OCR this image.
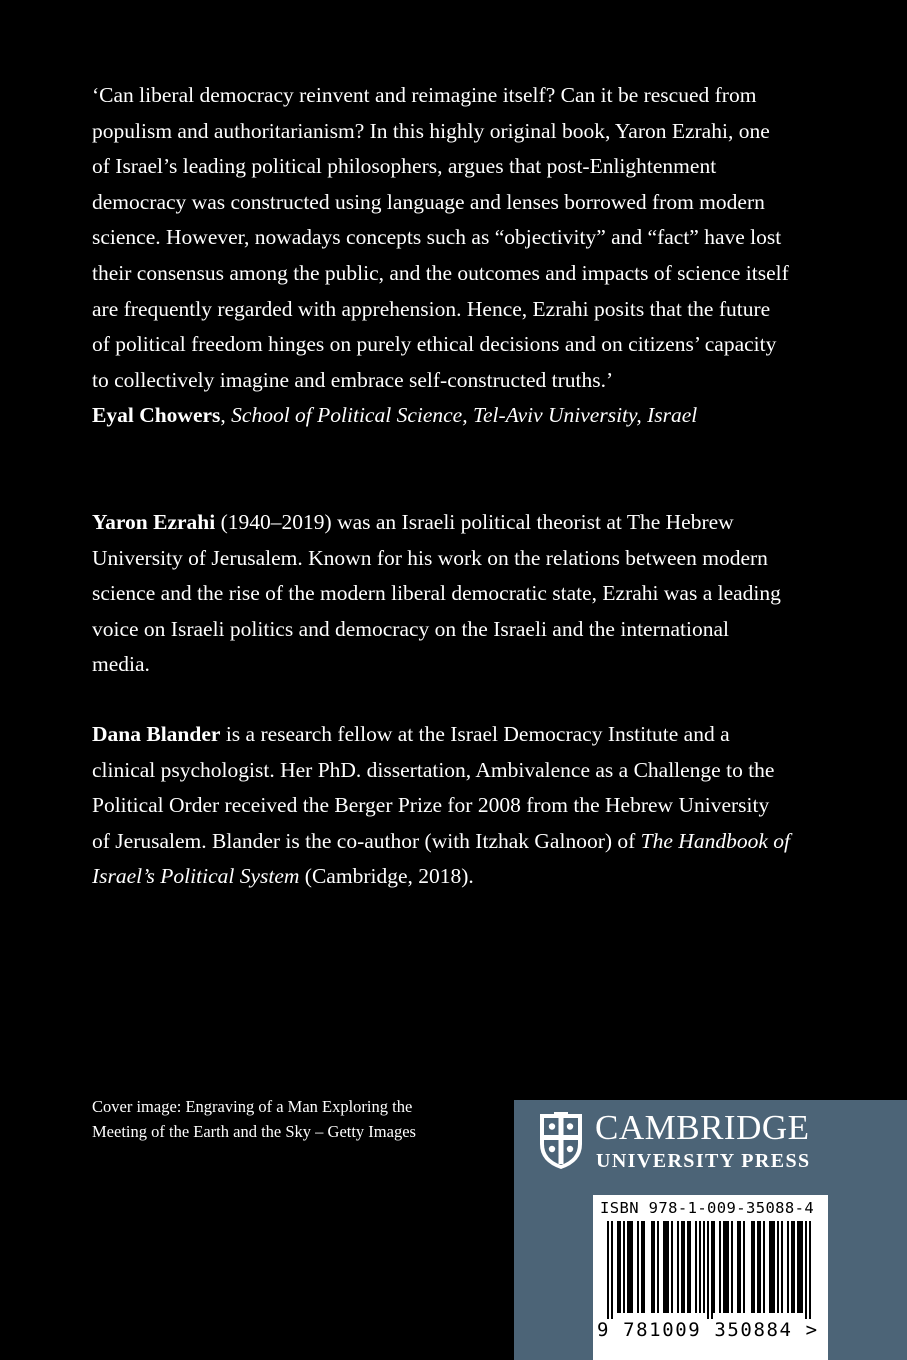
‘Can liberal democracy reinvent and reimagine itself? Can it be rescued from populism and authoritarianism? In this highly original book, Yaron Ezrahi, one of Israel’s leading political philosophers, argues that post-Enlightenment democracy was constructed using language and lenses borrowed from modern science. However, nowadays concepts such as “objectivity” and “fact” have lost their consensus among the public, and the outcomes and impacts of science itself are frequently regarded with apprehension. Hence, Ezrahi posits that the future of political freedom hinges on purely ethical decisions and on citizens’ capacity to collectively imagine and embrace self-constructed truths.’
Eyal Chowers, School of Political Science, Tel-Aviv University, Israel

Yaron Ezrahi (1940–2019) was an Israeli political theorist at The Hebrew University of Jerusalem. Known for his work on the relations between modern science and the rise of the modern liberal democratic state, Ezrahi was a leading voice on Israeli politics and democracy on the Israeli and the international media.

Dana Blander is a research fellow at the Israel Democracy Institute and a clinical psychologist. Her PhD. dissertation, Ambivalence as a Challenge to the Political Order received the Berger Prize for 2008 from the Hebrew University of Jerusalem. Blander is the co-author (with Itzhak Galnoor) of The Handbook of Israel’s Political System (Cambridge, 2018).

Cover image: Engraving of a Man Exploring the
Meeting of the Earth and the Sky – Getty Images	CAMBRIDGE
UNIVERSITY PRESS
ISBN 978-1-009-35088-4
9 781009 350884 >
